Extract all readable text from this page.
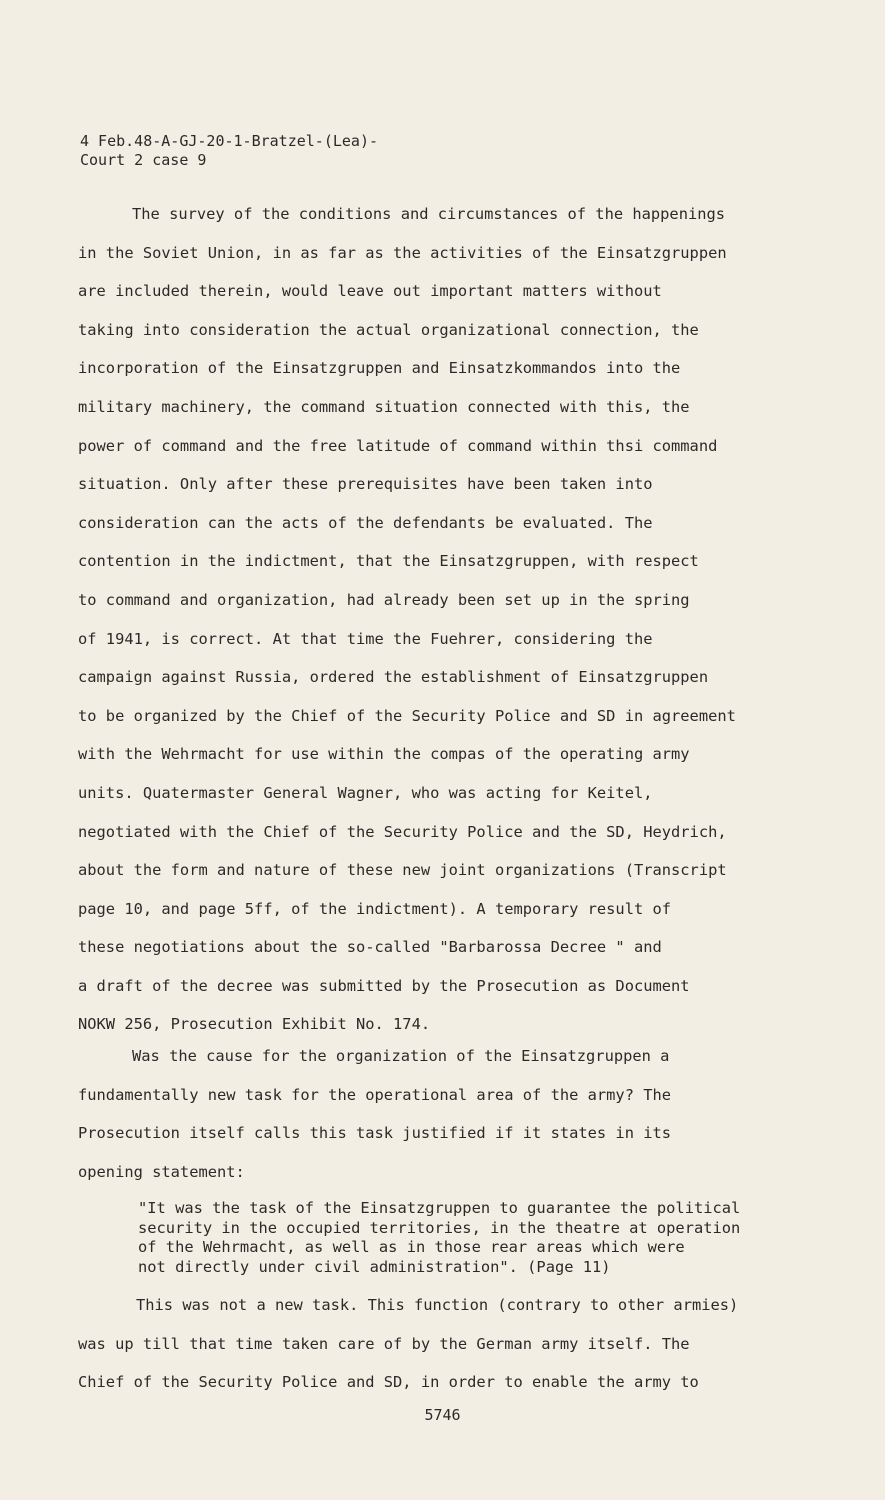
4 Feb.48-A-GJ-20-1-Bratzel-(Lea)-
Court 2 case 9
The survey of the conditions and circumstances of the happenings
in the Soviet Union, in as far as the activities of the Einsatzgruppen
are included therein, would leave out important matters without
taking into consideration the actual organizational connection, the
incorporation of the Einsatzgruppen and Einsatzkommandos into the
military machinery, the command situation connected with this, the
power of command and the free latitude of command within thsi command
situation. Only after these prerequisites have been taken into
consideration can the acts of the defendants be evaluated. The
contention in the indictment, that the Einsatzgruppen, with respect
to command and organization, had already been set up in the spring
of 1941, is correct. At that time the Fuehrer, considering the
campaign against Russia, ordered the establishment of Einsatzgruppen
to be organized by the Chief of the Security Police and SD in agreement
with the Wehrmacht for use within the compas of the operating army
units. Quatermaster General Wagner, who was acting for Keitel,
negotiated with the Chief of the Security Police and the SD, Heydrich,
about the form and nature of these new joint organizations (Transcript
page 10, and page 5ff, of the indictment). A temporary result of
these negotiations about the so-called "Barbarossa Decree " and
a draft of the decree was submitted by the Prosecution as Document
NOKW 256, Prosecution Exhibit No. 174.
Was the cause for the organization of the Einsatzgruppen a
fundamentally new task for the operational area of the army? The
Prosecution itself calls this task justified if it states in its
opening statement:
"It was the task of the Einsatzgruppen to guarantee the political
security in the occupied territories, in the theatre at operation
of the Wehrmacht, as well as in those rear areas which were
not directly under civil administration". (Page 11)
This was not a new task. This function (contrary to other armies)
was up till that time taken care of by the German army itself. The
Chief of the Security Police and SD, in order to enable the army to
5746
